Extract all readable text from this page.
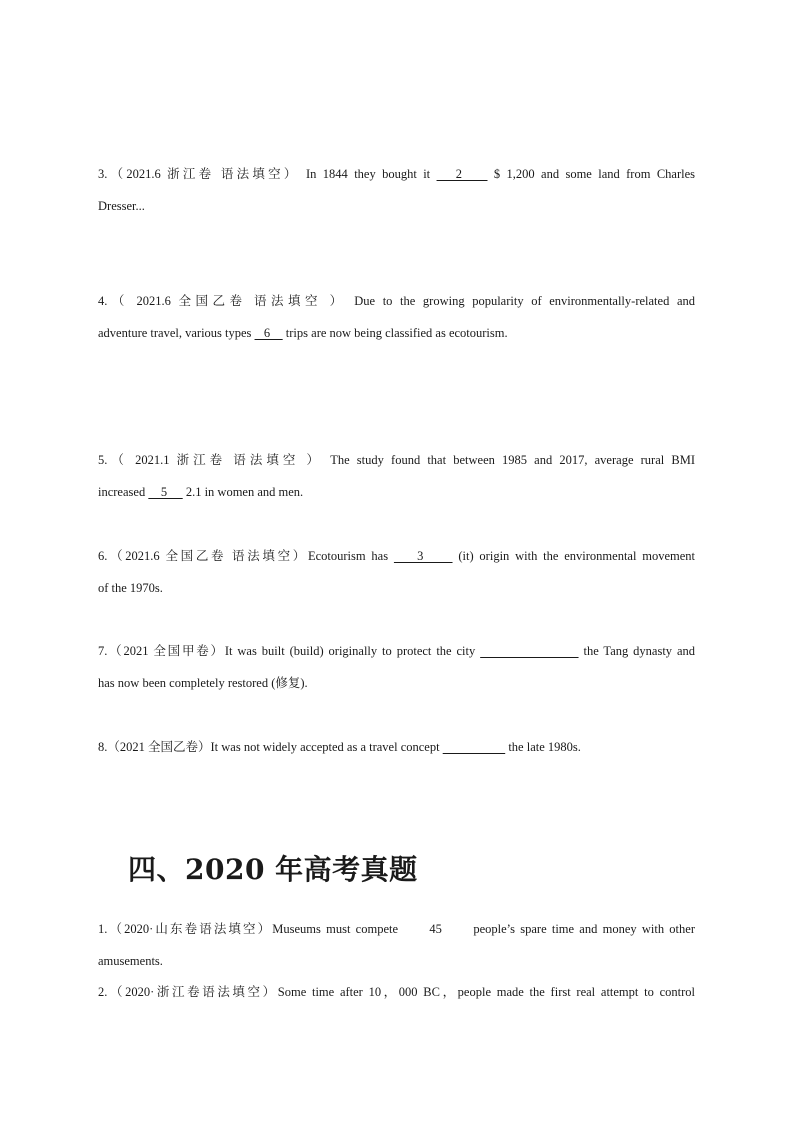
3.（2021.6 浙江卷 语法填空） In 1844 they bought it    2     $ 1,200 and some land from Charles
Dresser...
4.（ 2021.6 全国乙卷 语法填空 ） Due to the growing popularity of environmentally-related and
adventure travel, various types    6     trips are now being classified as ecotourism.
5.（ 2021.1 浙江卷 语法填空 ） The study found that between 1985 and 2017, average rural BMI
increased     5      2.1 in women and men.
6.（2021.6 全国乙卷 语法填空）Ecotourism has     3      (it) origin with the environmental movement
of the 1970s.
7.（2021 全国甲卷）It was built (build) originally to protect the city	the Tang dynasty and
has now been completely restored (修复).
8.（2021 全国乙卷）It was not widely accepted as a travel concept	the late 1980s.
四、2020 年高考真题
1.（2020·山东卷语法填空）Museums must compete      45      people’s spare time and money with other
amusements.
2.（2020·浙江卷语法填空）Some time after 10，000 BC，people made the first real attempt to control
